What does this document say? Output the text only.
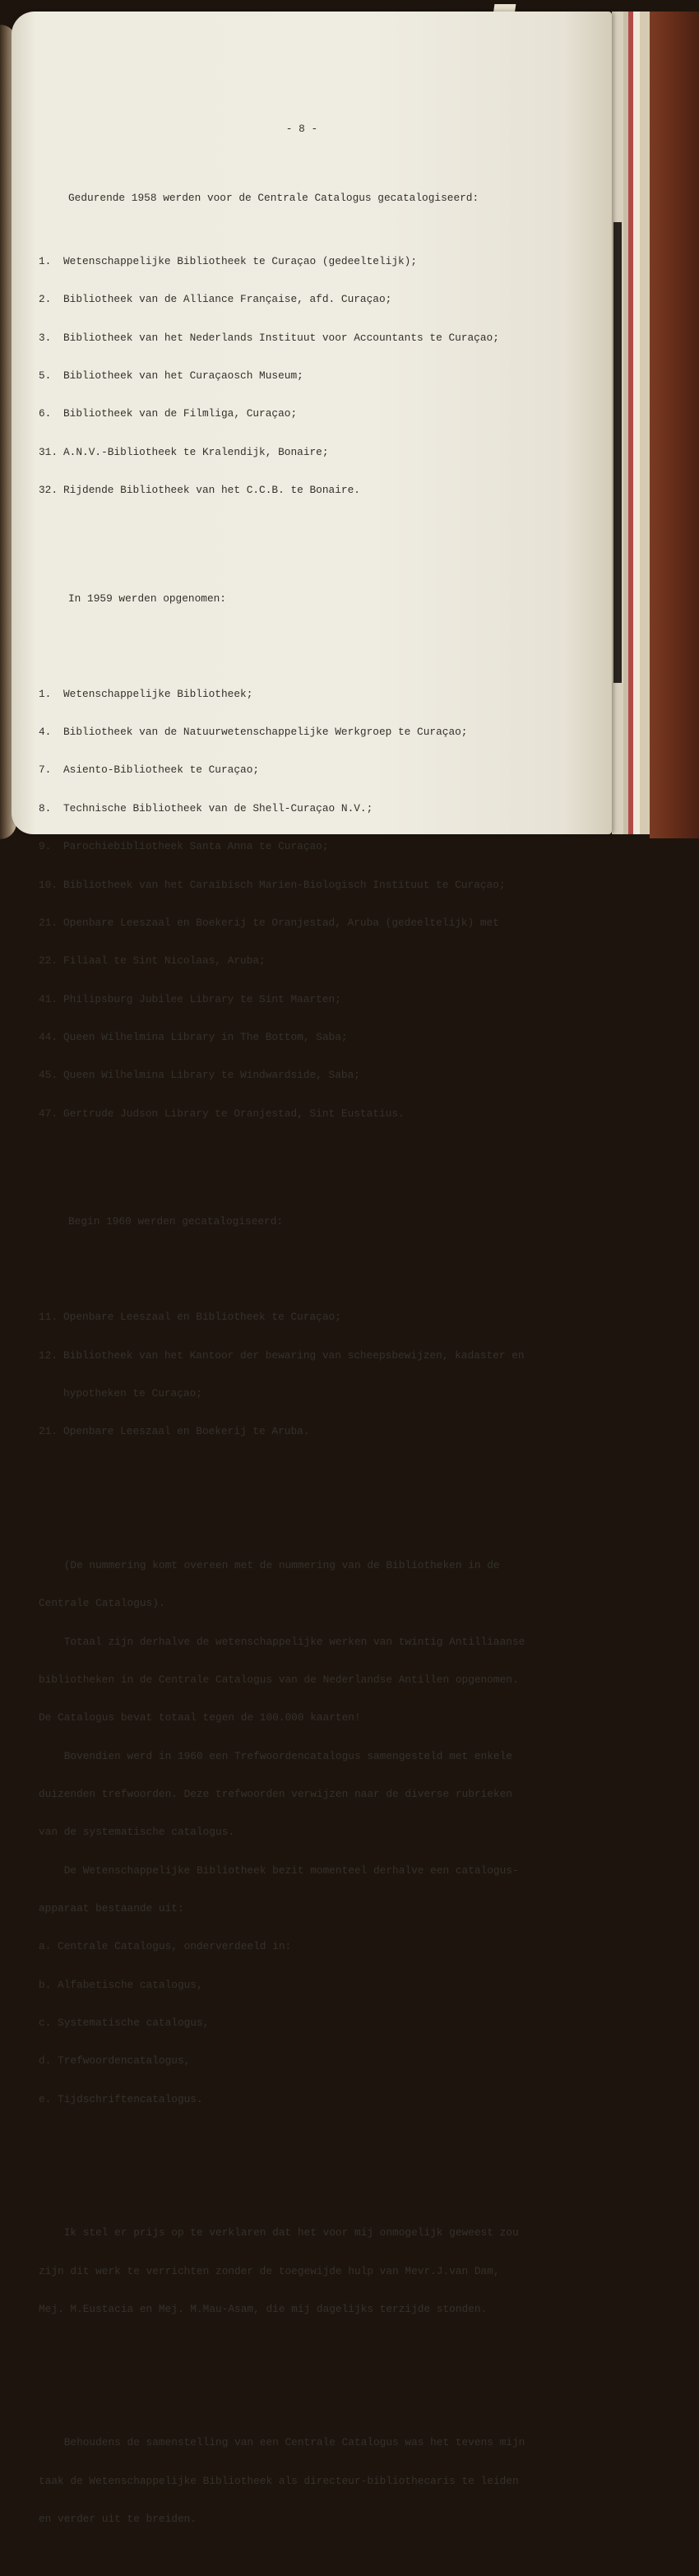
- 8 -

Gedurende 1958 werden voor de Centrale Catalogus gecatalogiseerd:

1. Wetenschappelijke Bibliotheek te Curaçao (gedeeltelijk);

2. Bibliotheek van de Alliance Française, afd. Curaçao;

3. Bibliotheek van het Nederlands Instituut voor Accountants te Curaçao;

5. Bibliotheek van het Curaçaosch Museum;

6. Bibliotheek van de Filmliga, Curaçao;

31. A.N.V.-Bibliotheek te Kralendijk, Bonaire;

32. Rijdende Bibliotheek van het C.C.B. te Bonaire.

In 1959 werden opgenomen:

1. Wetenschappelijke Bibliotheek;

4. Bibliotheek van de Natuurwetenschappelijke Werkgroep te Curaçao;

7. Asiento-Bibliotheek te Curaçao;

8. Technische Bibliotheek van de Shell-Curaçao N.V.;

9. Parochiebibliotheek Santa Anna te Curaçao;

10. Bibliotheek van het Caraïbisch Marien-Biologisch Instituut te Curaçao;

21. Openbare Leeszaal en Boekerij te Oranjestad, Aruba (gedeeltelijk) met

22. Filiaal te Sint Nicolaas, Aruba;

41. Philipsburg Jubilee Library te Sint Maarten;

44. Queen Wilhelmina Library in The Bottom, Saba;

45. Queen Wilhelmina Library te Windwardside, Saba;

47. Gertrude Judson Library te Oranjestad, Sint Eustatius.

Begin 1960 werden gecatalogiseerd:

11. Openbare Leeszaal en Bibliotheek te Curaçao;

12. Bibliotheek van het Kantoor der bewaring van scheepsbewijzen, kadaster en

hypotheken te Curaçao;

21. Openbare Leeszaal en Boekerij te Aruba.

(De nummering komt overeen met de nummering van de Bibliotheken in de

Centrale Catalogus).

Totaal zijn derhalve de wetenschappelijke werken van twintig Antilliaanse

bibliotheken in de Centrale Catalogus van de Nederlandse Antillen opgenomen.

De Catalogus bevat totaal tegen de 100.000 kaarten!

Bovendien werd in 1960 een Trefwoordencatalogus samengesteld met enkele

duizenden trefwoorden. Deze trefwoorden verwijzen naar de diverse rubrieken

van de systematische catalogus.

De Wetenschappelijke Bibliotheek bezit momenteel derhalve een catalogus-

apparaat bestaande uit:

a. Centrale Catalogus, onderverdeeld in:

b. Alfabetische catalogus,

c. Systematische catalogus,

d. Trefwoordencatalogus,

e. Tijdschriftencatalogus.

Ik stel er prijs op te verklaren dat het voor mij onmogelijk geweest zou

zijn dit werk te verrichten zonder de toegewijde hulp van Mevr.J.van Dam,

Mej. M.Eustacia en Mej. M.Mau-Asam, die mij dagelijks terzijde stonden.

Behoudens de samenstelling van een Centrale Catalogus was het tevens mijn

taak de Wetenschappelijke Bibliotheek als directeur-bibliothecaris te leiden

en verder uit te breiden.
